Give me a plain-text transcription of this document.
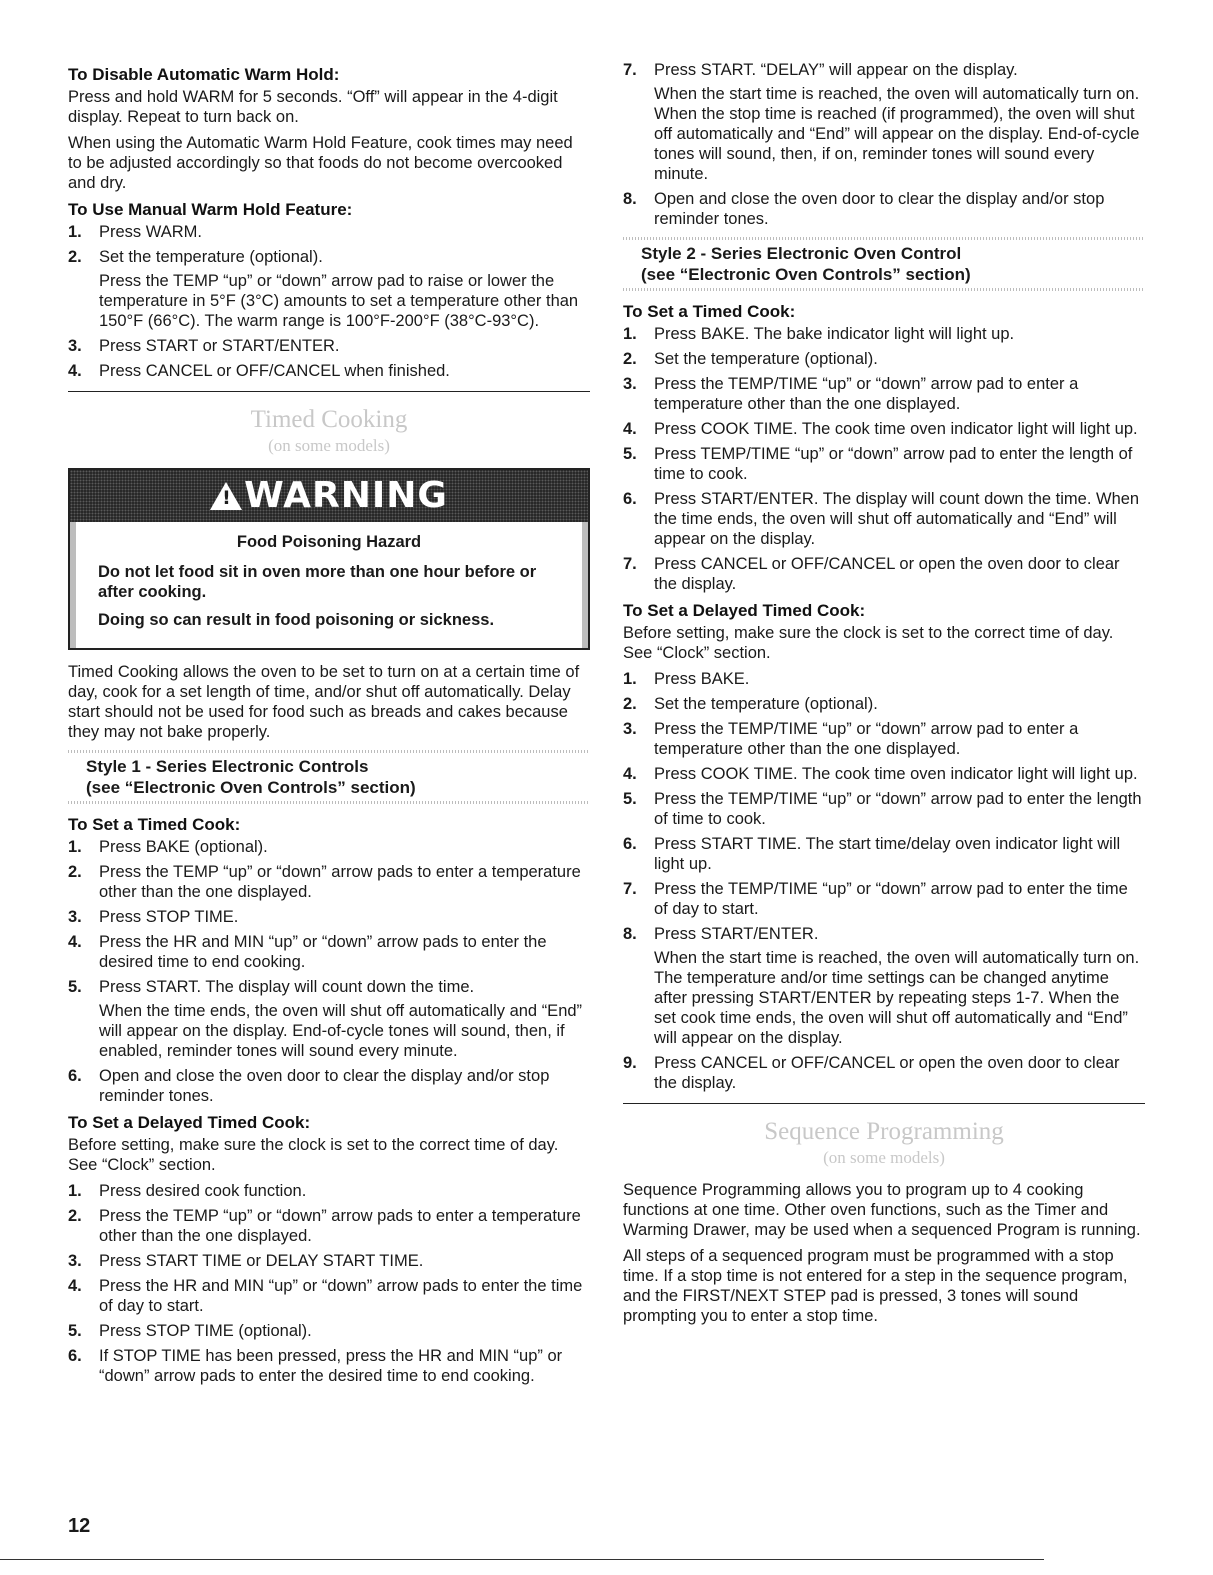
To Disable Automatic Warm Hold:

Press and hold WARM for 5 seconds. “Off” will appear in the 4-digit display. Repeat to turn back on.

When using the Automatic Warm Hold Feature, cook times may need to be adjusted accordingly so that foods do not become overcooked and dry.

To Use Manual Warm Hold Feature:
1.	Press WARM.
2.	Set the temperature (optional).
Press the TEMP “up” or “down” arrow pad to raise or lower the temperature in 5°F (3°C) amounts to set a temperature other than 150°F (66°C). The warm range is 100°F-200°F (38°C-93°C).
3.	Press START or START/ENTER.
4.	Press CANCEL or OFF/CANCEL when finished.
Timed Cooking
(on some models)
! WARNING
Food Poisoning Hazard

Do not let food sit in oven more than one hour before or after cooking.

Doing so can result in food poisoning or sickness.

Timed Cooking allows the oven to be set to turn on at a certain time of day, cook for a set length of time, and/or shut off automatically. Delay start should not be used for food such as breads and cakes because they may not bake properly.

Style 1 - Series Electronic Controls
(see “Electronic Oven Controls” section)
To Set a Timed Cook:
1.	Press BAKE (optional).
2.	Press the TEMP “up” or “down” arrow pads to enter a temperature other than the one displayed.
3.	Press STOP TIME.
4.	Press the HR and MIN “up” or “down” arrow pads to enter the desired time to end cooking.
5.	Press START. The display will count down the time.
When the time ends, the oven will shut off automatically and “End” will appear on the display. End-of-cycle tones will sound, then, if enabled, reminder tones will sound every minute.
6.	Open and close the oven door to clear the display and/or stop reminder tones.
To Set a Delayed Timed Cook:

Before setting, make sure the clock is set to the correct time of day. See “Clock” section.

1.	Press desired cook function.
2.	Press the TEMP “up” or “down” arrow pads to enter a temperature other than the one displayed.
3.	Press START TIME or DELAY START TIME.
4.	Press the HR and MIN “up” or “down” arrow pads to enter the time of day to start.
5.	Press STOP TIME (optional).
6.	If STOP TIME has been pressed, press the HR and MIN “up” or “down” arrow pads to enter the desired time to end cooking.
7.	Press START. “DELAY” will appear on the display.
When the start time is reached, the oven will automatically turn on. When the stop time is reached (if programmed), the oven will shut off automatically and “End” will appear on the display. End-of-cycle tones will sound, then, if on, reminder tones will sound every minute.
8.	Open and close the oven door to clear the display and/or stop reminder tones.
Style 2 - Series Electronic Oven Control
(see “Electronic Oven Controls” section)
To Set a Timed Cook:
1.	Press BAKE. The bake indicator light will light up.
2.	Set the temperature (optional).
3.	Press the TEMP/TIME “up” or “down” arrow pad to enter a temperature other than the one displayed.
4.	Press COOK TIME. The cook time oven indicator light will light up.
5.	Press TEMP/TIME “up” or “down” arrow pad to enter the length of time to cook.
6.	Press START/ENTER. The display will count down the time. When the time ends, the oven will shut off automatically and “End” will appear on the display.
7.	Press CANCEL or OFF/CANCEL or open the oven door to clear the display.
To Set a Delayed Timed Cook:

Before setting, make sure the clock is set to the correct time of day. See “Clock” section.

1.	Press BAKE.
2.	Set the temperature (optional).
3.	Press the TEMP/TIME “up” or “down” arrow pad to enter a temperature other than the one displayed.
4.	Press COOK TIME. The cook time oven indicator light will light up.
5.	Press the TEMP/TIME “up” or “down” arrow pad to enter the length of time to cook.
6.	Press START TIME. The start time/delay oven indicator light will light up.
7.	Press the TEMP/TIME “up” or “down” arrow pad to enter the time of day to start.
8.	Press START/ENTER.
When the start time is reached, the oven will automatically turn on. The temperature and/or time settings can be changed anytime after pressing START/ENTER by repeating steps 1-7. When the set cook time ends, the oven will shut off automatically and “End” will appear on the display.
9.	Press CANCEL or OFF/CANCEL or open the oven door to clear the display.
Sequence Programming
(on some models)

Sequence Programming allows you to program up to 4 cooking functions at one time. Other oven functions, such as the Timer and Warming Drawer, may be used when a sequenced Program is running.

All steps of a sequenced program must be programmed with a stop time. If a stop time is not entered for a step in the sequence program, and the FIRST/NEXT STEP pad is pressed, 3 tones will sound prompting you to enter a stop time.

12
